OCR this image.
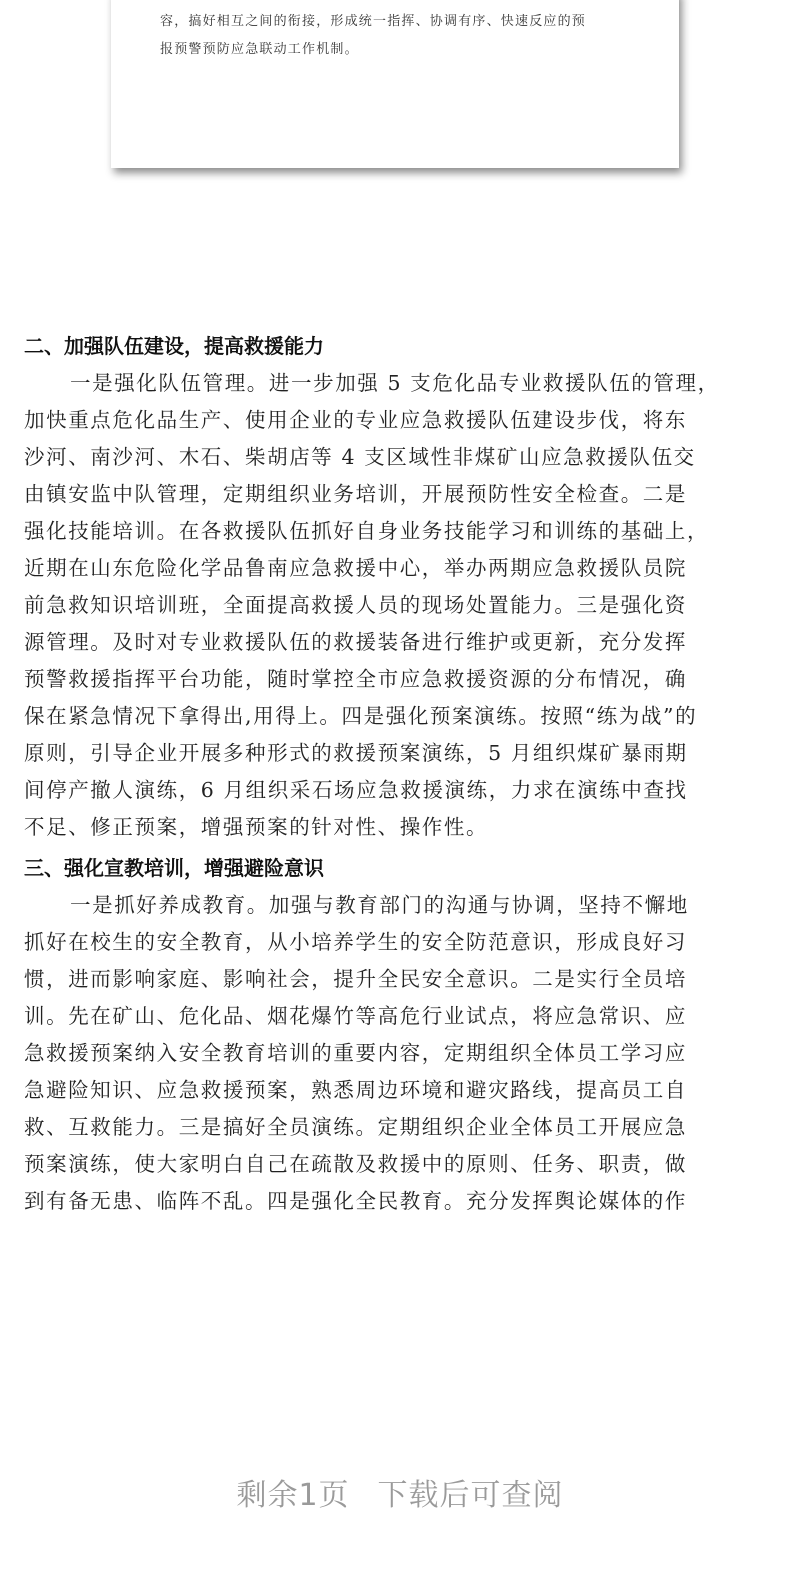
容，搞好相互之间的衔接，形成统一指挥、协调有序、快速反应的预
报预警预防应急联动工作机制。
二、加强队伍建设，提高救援能力
一是强化队伍管理。进一步加强 5 支危化品专业救援队伍的管理，
加快重点危化品生产、使用企业的专业应急救援队伍建设步伐，将东
沙河、南沙河、木石、柴胡店等 4 支区域性非煤矿山应急救援队伍交
由镇安监中队管理，定期组织业务培训，开展预防性安全检查。二是
强化技能培训。在各救援队伍抓好自身业务技能学习和训练的基础上，
近期在山东危险化学品鲁南应急救援中心，举办两期应急救援队员院
前急救知识培训班，全面提高救援人员的现场处置能力。三是强化资
源管理。及时对专业救援队伍的救援装备进行维护或更新，充分发挥
预警救援指挥平台功能，随时掌控全市应急救援资源的分布情况，确
保在紧急情况下拿得出,用得上。四是强化预案演练。按照“练为战”的
原则，引导企业开展多种形式的救援预案演练，5 月组织煤矿暴雨期
间停产撤人演练，6 月组织采石场应急救援演练，力求在演练中查找
不足、修正预案，增强预案的针对性、操作性。
三、强化宣教培训，增强避险意识
一是抓好养成教育。加强与教育部门的沟通与协调，坚持不懈地
抓好在校生的安全教育，从小培养学生的安全防范意识，形成良好习
惯，进而影响家庭、影响社会，提升全民安全意识。二是实行全员培
训。先在矿山、危化品、烟花爆竹等高危行业试点，将应急常识、应
急救援预案纳入安全教育培训的重要内容，定期组织全体员工学习应
急避险知识、应急救援预案，熟悉周边环境和避灾路线，提高员工自
救、互救能力。三是搞好全员演练。定期组织企业全体员工开展应急
预案演练，使大家明白自己在疏散及救援中的原则、任务、职责，做
到有备无患、临阵不乱。四是强化全民教育。充分发挥舆论媒体的作
剩余1页 下载后可查阅
